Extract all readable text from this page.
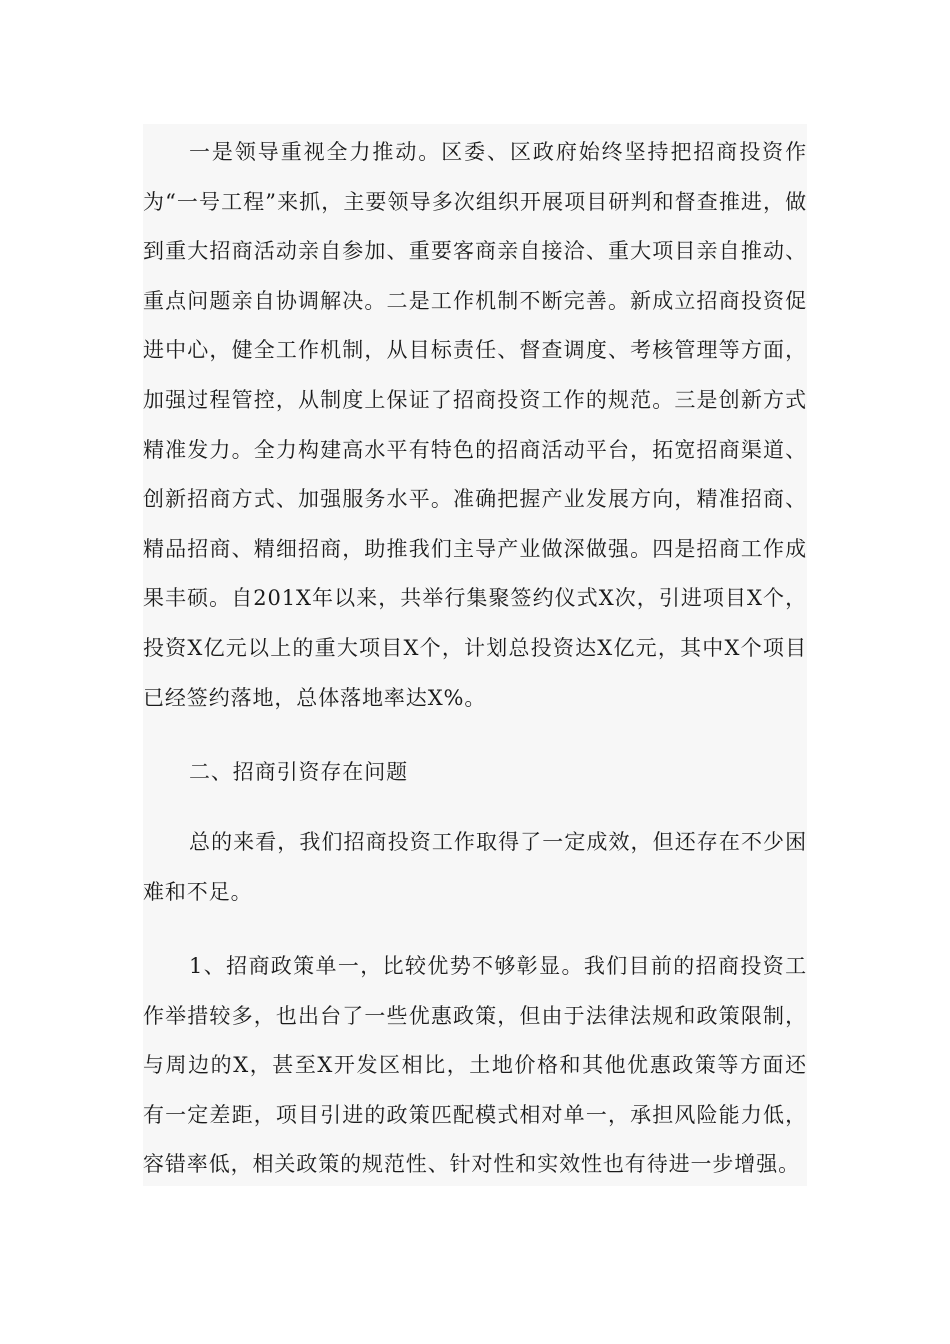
一是领导重视全力推动。区委、区政府始终坚持把招商投资作为“一号工程”来抓，主要领导多次组织开展项目研判和督查推进，做到重大招商活动亲自参加、重要客商亲自接洽、重大项目亲自推动、重点问题亲自协调解决。二是工作机制不断完善。新成立招商投资促进中心，健全工作机制，从目标责任、督查调度、考核管理等方面，加强过程管控，从制度上保证了招商投资工作的规范。三是创新方式精准发力。全力构建高水平有特色的招商活动平台，拓宽招商渠道、创新招商方式、加强服务水平。准确把握产业发展方向，精准招商、精品招商、精细招商，助推我们主导产业做深做强。四是招商工作成果丰硕。自201X年以来，共举行集聚签约仪式X次，引进项目X个，投资X亿元以上的重大项目X个，计划总投资达X亿元，其中X个项目已经签约落地，总体落地率达X%。

二、招商引资存在问题

总的来看，我们招商投资工作取得了一定成效，但还存在不少困难和不足。

1、招商政策单一，比较优势不够彰显。我们目前的招商投资工作举措较多，也出台了一些优惠政策，但由于法律法规和政策限制，与周边的X，甚至X开发区相比，土地价格和其他优惠政策等方面还有一定差距，项目引进的政策匹配模式相对单一，承担风险能力低，容错率低，相关政策的规范性、针对性和实效性也有待进一步增强。
